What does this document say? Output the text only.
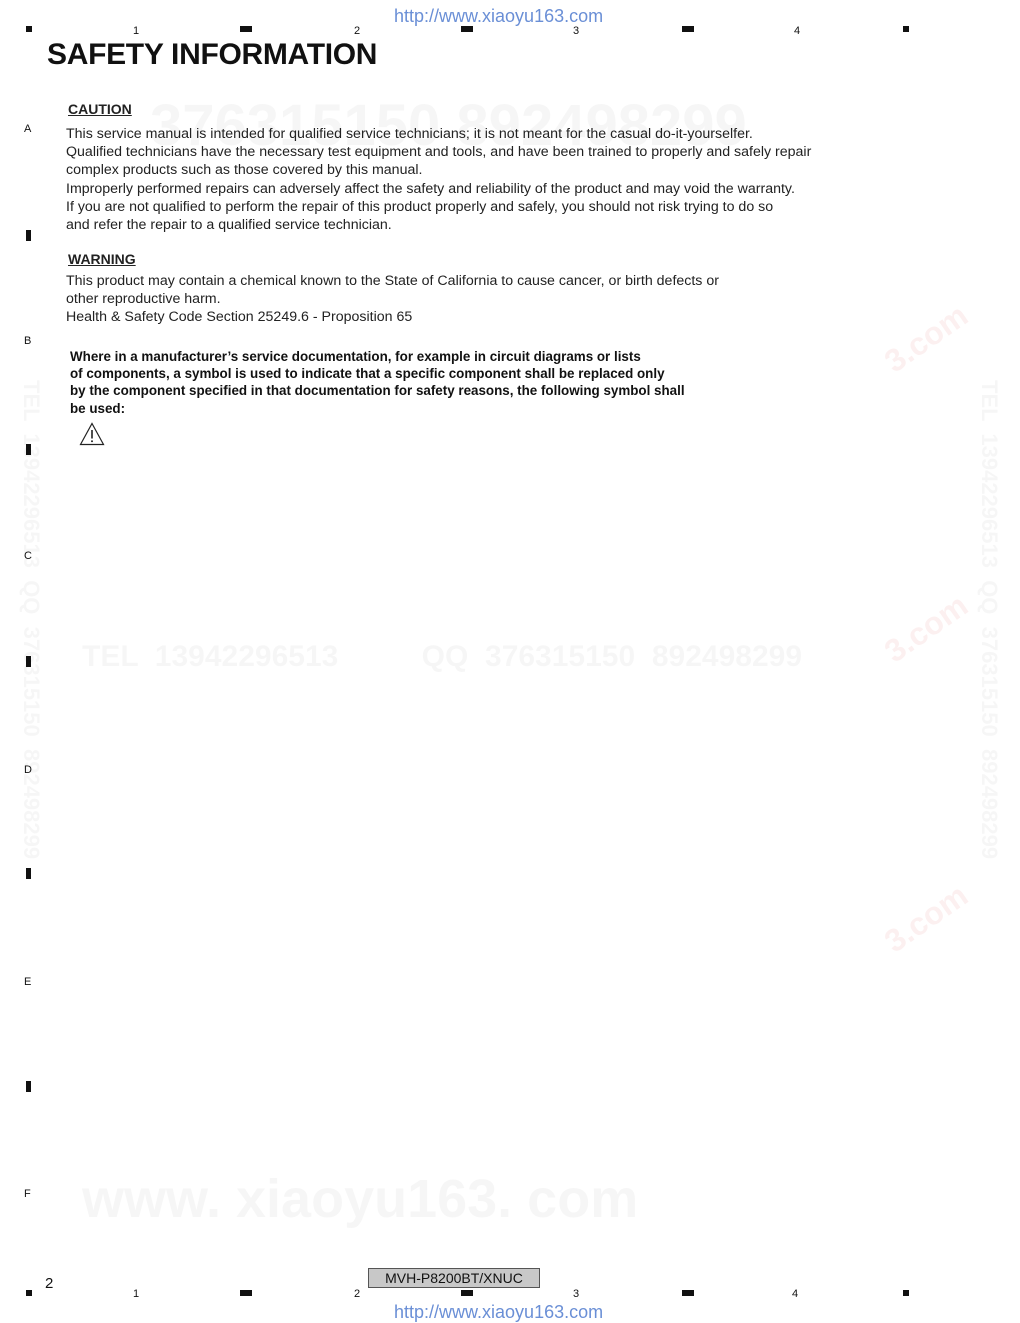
3.com
3.com
3.com
http://www.xiaoyu163.com
1	2	3	4
A
B
C
D
E
F
SAFETY INFORMATION
CAUTION
This service manual is intended for qualified service technicians; it is not meant for the casual do-it-yourselfer.
Qualified technicians have the necessary test equipment and tools, and have been trained to properly and safely repair
complex products such as those covered by this manual.
Improperly performed repairs can adversely affect the safety and reliability of the product and may void the warranty.
If you are not qualified to perform the repair of this product properly and safely, you should not risk trying to do so
and refer the repair to a qualified service technician.
WARNING
This product may contain a chemical known to the State of California to cause cancer, or birth defects or
other reproductive harm.
Health & Safety Code Section 25249.6 - Proposition 65
Where in a manufacturer’s service documentation, for example in circuit diagrams or lists
of components, a symbol is used to indicate that a specific component shall be replaced only
by the component specified in that documentation for safety reasons, the following symbol shall
be used:
2	MVH-P8200BT/XNUC
1	2	3	4
http://www.xiaoyu163.com
